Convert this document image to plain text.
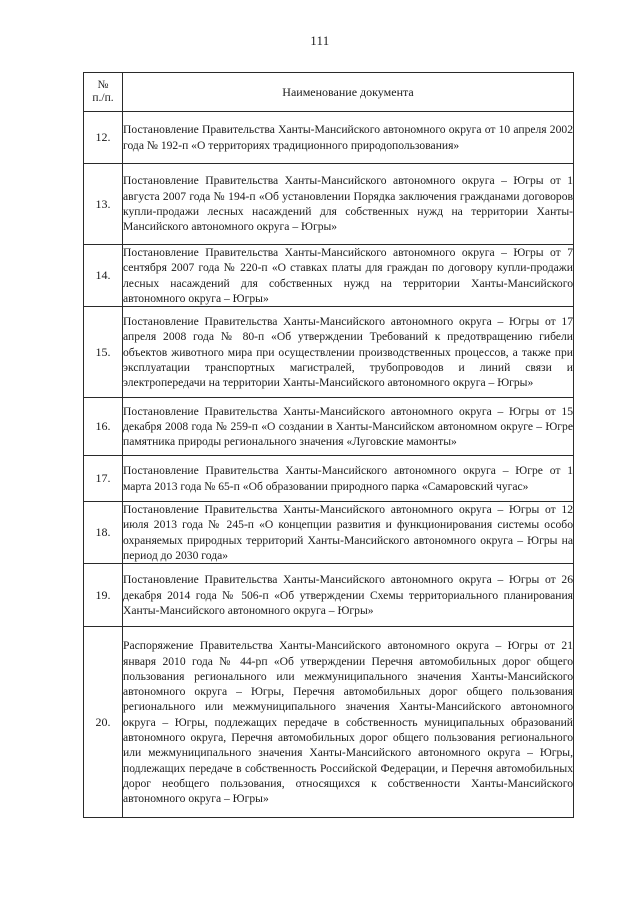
111
№
п./п.	Наименование документа
12.	Постановление Правительства Ханты-Мансийского автономного округа от 10 апреля 2002 года № 192-п «О территориях традиционного природопользования»
13.	Постановление Правительства Ханты-Мансийского автономного округа – Югры от 1 августа 2007 года № 194-п «Об установлении Порядка заключения гражданами договоров купли-продажи лесных насаждений для собственных нужд на территории Ханты-Мансийского автономного округа – Югры»
14.	Постановление Правительства Ханты-Мансийского автономного округа – Югры от 7 сентября 2007 года № 220-п «О ставках платы для граждан по договору купли-продажи лесных насаждений для собственных нужд на территории Ханты-Мансийского автономного округа – Югры»
15.	Постановление Правительства Ханты-Мансийского автономного округа – Югры от 17 апреля 2008 года № 80-п «Об утверждении Требований к предотвращению гибели объектов животного мира при осуществлении производственных процессов, а также при эксплуатации транспортных магистралей, трубопроводов и линий связи и электропередачи на территории Ханты-Мансийского автономного округа – Югры»
16.	Постановление Правительства Ханты-Мансийского автономного округа – Югры от 15 декабря 2008 года № 259-п «О создании в Ханты-Мансийском автономном округе – Югре памятника природы регионального значения «Луговские мамонты»
17.	Постановление Правительства Ханты-Мансийского автономного округа – Югре от 1 марта 2013 года № 65-п «Об образовании природного парка «Самаровский чугас»
18.	Постановление Правительства Ханты-Мансийского автономного округа – Югры от 12 июля 2013 года № 245-п «О концепции развития и функционирования системы особо охраняемых природных территорий Ханты-Мансийского автономного округа – Югры на период до 2030 года»
19.	Постановление Правительства Ханты-Мансийского автономного округа – Югры от 26 декабря 2014 года № 506-п «Об утверждении Схемы территориального планирования Ханты-Мансийского автономного округа – Югры»
20.	Распоряжение Правительства Ханты-Мансийского автономного округа – Югры от 21 января 2010 года № 44-рп «Об утверждении Перечня автомобильных дорог общего пользования регионального или межмуниципального значения Ханты-Мансийского автономного округа – Югры, Перечня автомобильных дорог общего пользования регионального или межмуниципального значения Ханты-Мансийского автономного округа – Югры, подлежащих передаче в собственность муниципальных образований автономного округа, Перечня автомобильных дорог общего пользования регионального или межмуниципального значения Ханты-Мансийского автономного округа – Югры, подлежащих передаче в собственность Российской Федерации, и Перечня автомобильных дорог необщего пользования, относящихся к собственности Ханты-Мансийского автономного округа – Югры»
